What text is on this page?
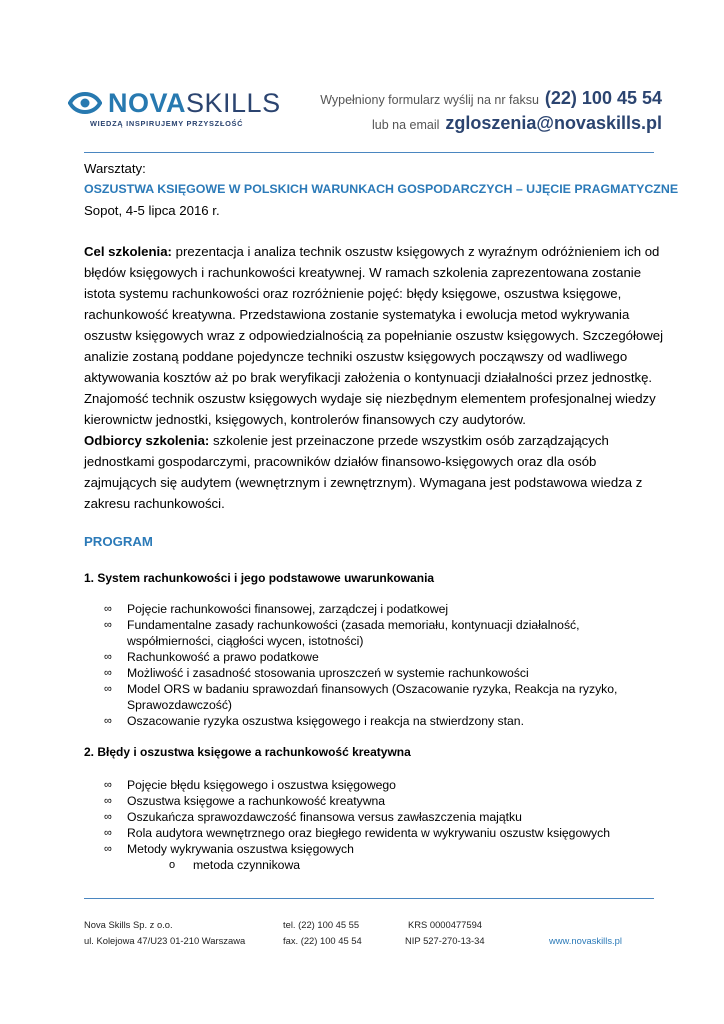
NOVASKILLS
WIEDZĄ INSPIRUJEMY PRZYSZŁOŚĆ
Wypełniony formularz wyślij na nr faksu (22) 100 45 54
lub na email zgloszenia@novaskills.pl
Warsztaty:
OSZUSTWA KSIĘGOWE W POLSKICH WARUNKACH GOSPODARCZYCH – UJĘCIE PRAGMATYCZNE
Sopot, 4-5 lipca 2016 r.

Cel szkolenia: prezentacja i analiza technik oszustw księgowych z wyraźnym odróżnieniem ich od błędów księgowych i rachunkowości kreatywnej. W ramach szkolenia zaprezentowana zostanie istota systemu rachunkowości oraz rozróżnienie pojęć: błędy księgowe, oszustwa księgowe, rachunkowość kreatywna. Przedstawiona zostanie systematyka i ewolucja metod wykrywania oszustw księgowych wraz z odpowiedzialnością za popełnianie oszustw księgowych. Szczegółowej analizie zostaną poddane pojedyncze techniki oszustw księgowych począwszy od wadliwego aktywowania kosztów aż po brak weryfikacji założenia o kontynuacji działalności przez jednostkę. Znajomość technik oszustw księgowych wydaje się niezbędnym elementem profesjonalnej wiedzy kierownictw jednostki, księgowych, kontrolerów finansowych czy audytorów.

Odbiorcy szkolenia: szkolenie jest przeinaczone przede wszystkim osób zarządzających jednostkami gospodarczymi, pracowników działów finansowo-księgowych oraz dla osób zajmujących się audytem (wewnętrznym i zewnętrznym). Wymagana jest podstawowa wiedza z zakresu rachunkowości.

PROGRAM
1. System rachunkowości i jego podstawowe uwarunkowania
∞ Pojęcie rachunkowości finansowej, zarządczej i podatkowej
∞ Fundamentalne zasady rachunkowości (zasada memoriału, kontynuacji działalność, współmierności, ciągłości wycen, istotności)
∞ Rachunkowość a prawo podatkowe
∞ Możliwość i zasadność stosowania uproszczeń w systemie rachunkowości
∞ Model ORS w badaniu sprawozdań finansowych (Oszacowanie ryzyka, Reakcja na ryzyko, Sprawozdawczość)
∞ Oszacowanie ryzyka oszustwa księgowego i reakcja na stwierdzony stan.
2. Błędy i oszustwa księgowe a rachunkowość kreatywna
∞ Pojęcie błędu księgowego i oszustwa księgowego
∞ Oszustwa księgowe a rachunkowość kreatywna
∞ Oszukańcza sprawozdawczość finansowa versus zawłaszczenia majątku
∞ Rola audytora wewnętrznego oraz biegłego rewidenta w wykrywaniu oszustw księgowych
∞ Metody wykrywania oszustwa księgowych
o metoda czynnikowa
Nova Skills Sp. z o.o.
ul. Kolejowa 47/U23 01-210 Warszawa
tel. (22) 100 45 55
fax. (22) 100 45 54
KRS 0000477594
NIP 527-270-13-34	www.novaskills.pl
